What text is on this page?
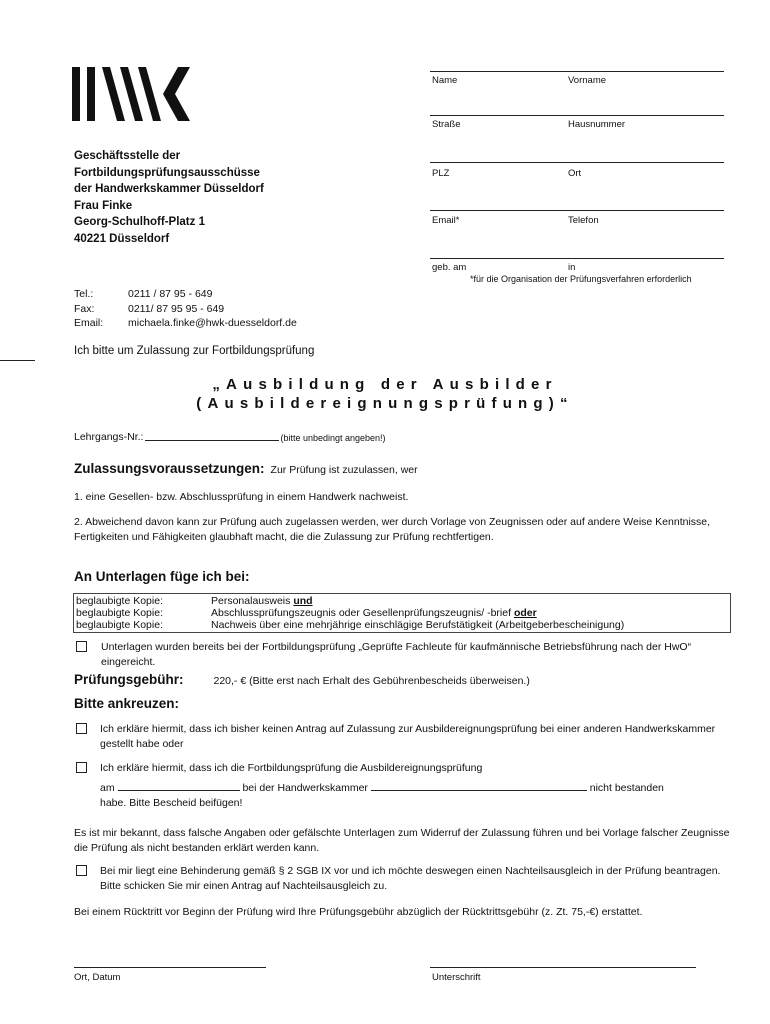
Geschäftsstelle der
Fortbildungsprüfungsausschüsse
der Handwerkskammer Düsseldorf
Frau Finke
Georg-Schulhoff-Platz 1
40221 Düsseldorf
Name	Vorname
Straße	Hausnummer
PLZ	Ort
Email*	Telefon
geb. am	in
*für die Organisation der Prüfungsverfahren erforderlich
Tel.:	0211 / 87 95 - 649
Fax:	0211/ 87 95 95 - 649
Email:	michaela.finke@hwk-duesseldorf.de
Ich bitte um Zulassung zur Fortbildungsprüfung
„Ausbildung der Ausbilder
(Ausbildereignungsprüfung)“
Lehrgangs-Nr.:	(bitte unbedingt angeben!)
Zulassungsvoraussetzungen: Zur Prüfung ist zuzulassen, wer
1. eine Gesellen- bzw. Abschlussprüfung in einem Handwerk nachweist.
2. Abweichend davon kann zur Prüfung auch zugelassen werden, wer durch Vorlage von Zeugnissen oder auf andere Weise Kenntnisse, Fertigkeiten und Fähigkeiten glaubhaft macht, die die Zulassung zur Prüfung rechtfertigen.
An Unterlagen füge ich bei:
beglaubigte Kopie:	Personalausweis und
beglaubigte Kopie:	Abschlussprüfungszeugnis oder Gesellenprüfungszeugnis/ -brief oder
beglaubigte Kopie:	Nachweis über eine mehrjährige einschlägige Berufstätigkeit (Arbeitgeberbescheinigung)
Unterlagen wurden bereits bei der Fortbildungsprüfung „Geprüfte Fachleute für kaufmännische Betriebsführung nach der HwO“ eingereicht.
Prüfungsgebühr:	220,- € (Bitte erst nach Erhalt des Gebührenbescheids überweisen.)
Bitte ankreuzen:
Ich erkläre hiermit, dass ich bisher keinen Antrag auf Zulassung zur Ausbildereignungsprüfung bei einer anderen Handwerkskammer gestellt habe oder
Ich erkläre hiermit, dass ich die Fortbildungsprüfung die Ausbildereignungsprüfung
am	bei der Handwerkskammer	nicht bestanden
habe. Bitte Bescheid beifügen!
Es ist mir bekannt, dass falsche Angaben oder gefälschte Unterlagen zum Widerruf der Zulassung führen und bei Vorlage falscher Zeugnisse die Prüfung als nicht bestanden erklärt werden kann.
Bei mir liegt eine Behinderung gemäß § 2 SGB IX vor und ich möchte deswegen einen Nachteilsausgleich in der Prüfung beantragen. Bitte schicken Sie mir einen Antrag auf Nachteilsausgleich zu.
Bei einem Rücktritt vor Beginn der Prüfung wird Ihre Prüfungsgebühr abzüglich der Rücktrittsgebühr (z. Zt. 75,-€) erstattet.
Ort, Datum	Unterschrift
